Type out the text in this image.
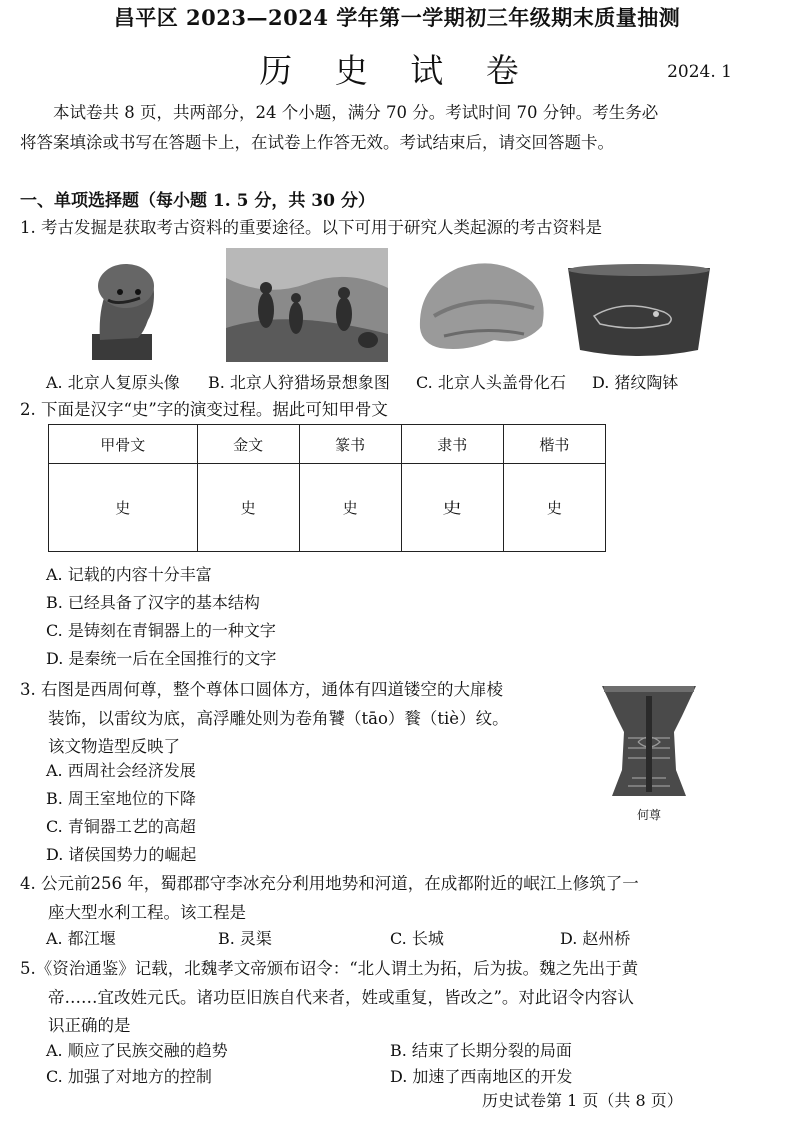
昌平区 2023—2024 学年第一学期初三年级期末质量抽测
历 史 试 卷	2024. 1
本试卷共 8 页，共两部分，24 个小题，满分 70 分。考试时间 70 分钟。考生务必
将答案填涂或书写在答题卡上，在试卷上作答无效。考试结束后，请交回答题卡。
一、单项选择题（每小题 1. 5 分，共 30 分）
1. 考古发掘是获取考古资料的重要途径。以下可用于研究人类起源的考古资料是
A. 北京人复原头像 B. 北京人狩猎场景想象图 C. 北京人头盖骨化石 D. 猪纹陶钵
2. 下面是汉字“史”字的演变过程。据此可知甲骨文
甲骨文	金文	篆书	隶书	楷书
史	史	史	史	史
A. 记载的内容十分丰富
B. 已经具备了汉字的基本结构
C. 是铸刻在青铜器上的一种文字
D. 是秦统一后在全国推行的文字
3. 右图是西周何尊，整个尊体口圆体方，通体有四道镂空的大扉棱
装饰，以雷纹为底，高浮雕处则为卷角饕（tāo）餮（tiè）纹。
该文物造型反映了
何尊
A. 西周社会经济发展
B. 周王室地位的下降
C. 青铜器工艺的高超
D. 诸侯国势力的崛起
4. 公元前256 年，蜀郡郡守李冰充分利用地势和河道，在成都附近的岷江上修筑了一
座大型水利工程。该工程是
A. 都江堰	B. 灵渠	C. 长城	D. 赵州桥
5.《资治通鉴》记载，北魏孝文帝颁布诏令：“北人谓土为拓，后为拔。魏之先出于黄
帝……宜改姓元氏。诸功臣旧族自代来者，姓或重复，皆改之”。对此诏令内容认
识正确的是
A. 顺应了民族交融的趋势	B. 结束了长期分裂的局面
C. 加强了对地方的控制	D. 加速了西南地区的开发
历史试卷第 1 页（共 8 页）
